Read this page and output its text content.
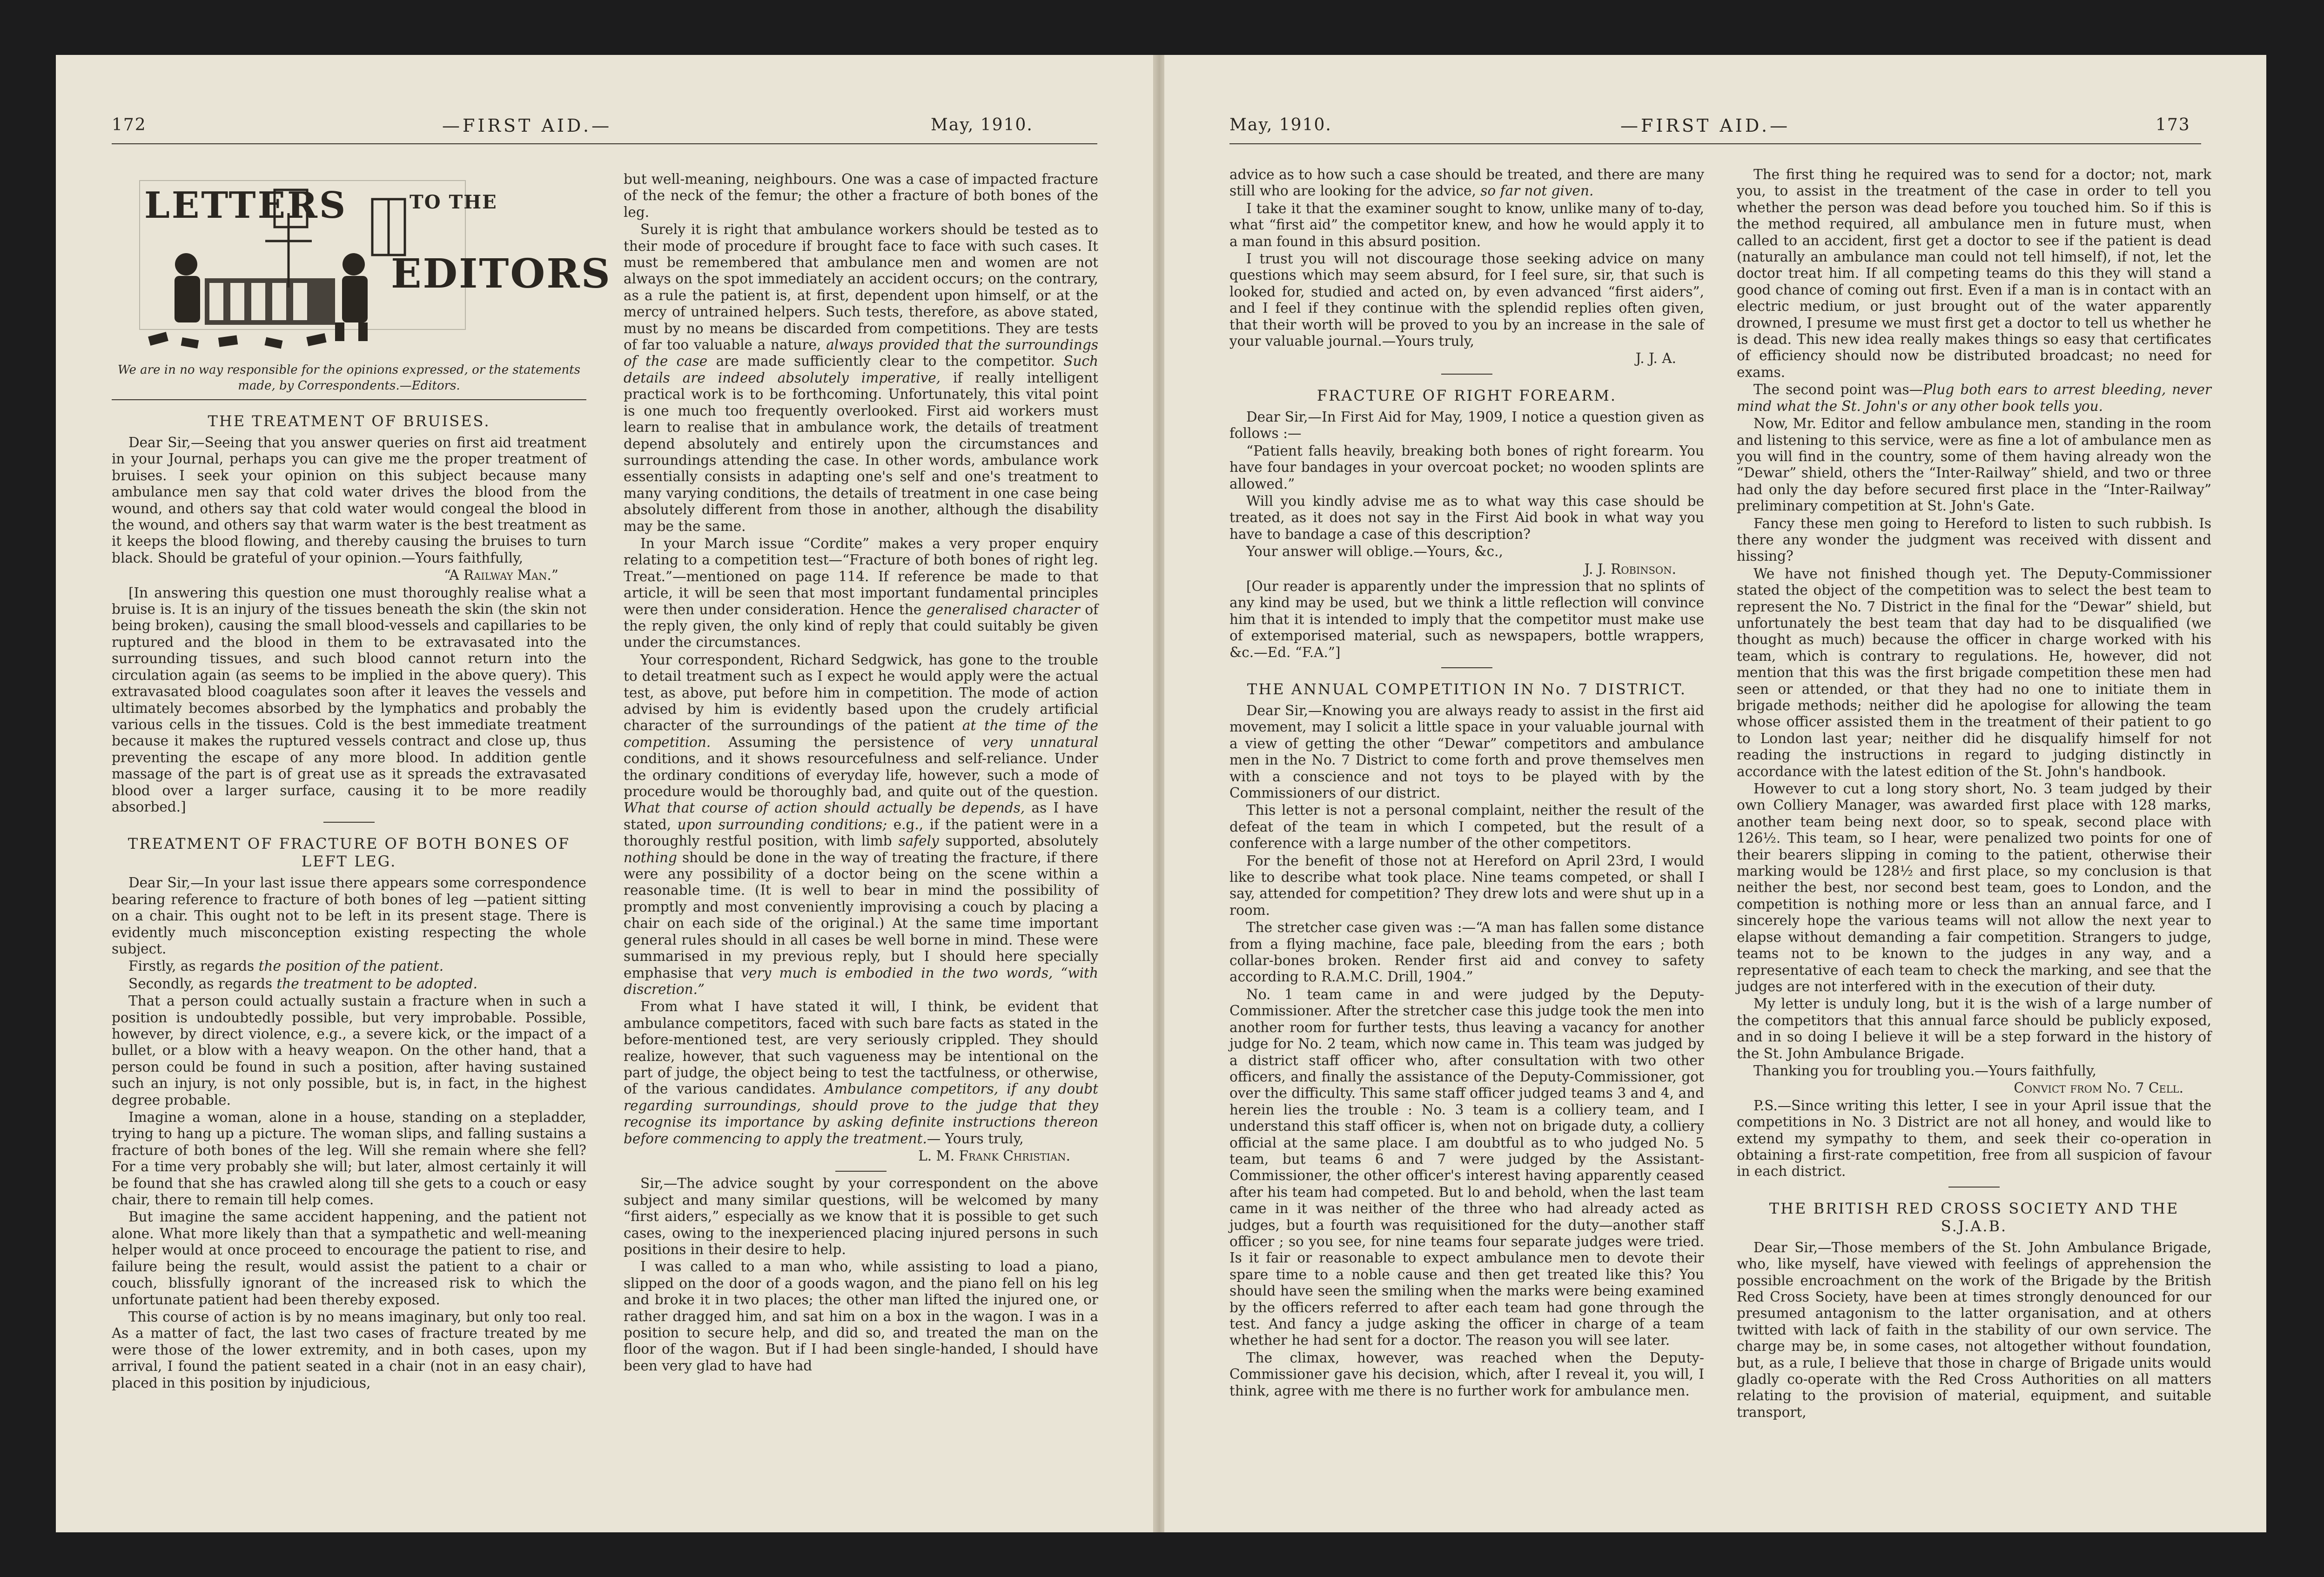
172	—FIRST AID.—	May, 1910.
LETTERS	TO THE
EDITORS

We are in no way responsible for the opinions expressed, or the statements made, by Correspondents.—Editors.

THE TREATMENT OF BRUISES.

Dear Sir,—Seeing that you answer queries on first aid treatment in your Journal, perhaps you can give me the proper treatment of bruises. I seek your opinion on this subject because many ambulance men say that cold water drives the blood from the wound, and others say that cold water would congeal the blood in the wound, and others say that warm water is the best treatment as it keeps the blood flowing, and thereby causing the bruises to turn black. Should be grateful of your opinion.—Yours faithfully,

“A Railway Man.”

[In answering this question one must thoroughly realise what a bruise is. It is an injury of the tissues beneath the skin (the skin not being broken), causing the small blood-vessels and capillaries to be ruptured and the blood in them to be extravasated into the surrounding tissues, and such blood cannot return into the circulation again (as seems to be implied in the above query). This extravasated blood coagulates soon after it leaves the vessels and ultimately becomes absorbed by the lymphatics and probably the various cells in the tissues. Cold is the best immediate treatment because it makes the ruptured vessels contract and close up, thus preventing the escape of any more blood. In addition gentle massage of the part is of great use as it spreads the extravasated blood over a larger surface, causing it to be more readily absorbed.]

TREATMENT OF FRACTURE OF BOTH BONES OF LEFT LEG.

Dear Sir,—In your last issue there appears some correspondence bearing reference to fracture of both bones of leg —patient sitting on a chair. This ought not to be left in its present stage. There is evidently much misconception existing respecting the whole subject.

Firstly, as regards the position of the patient.

Secondly, as regards the treatment to be adopted.

That a person could actually sustain a fracture when in such a position is undoubtedly possible, but very improbable. Possible, however, by direct violence, e.g., a severe kick, or the impact of a bullet, or a blow with a heavy weapon. On the other hand, that a person could be found in such a position, after having sustained such an injury, is not only possible, but is, in fact, in the highest degree probable.

Imagine a woman, alone in a house, standing on a stepladder, trying to hang up a picture. The woman slips, and falling sustains a fracture of both bones of the leg. Will she remain where she fell? For a time very probably she will; but later, almost certainly it will be found that she has crawled along till she gets to a couch or easy chair, there to remain till help comes.

But imagine the same accident happening, and the patient not alone. What more likely than that a sympathetic and well-meaning helper would at once proceed to encourage the patient to rise, and failure being the result, would assist the patient to a chair or couch, blissfully ignorant of the increased risk to which the unfortunate patient had been thereby exposed.

This course of action is by no means imaginary, but only too real. As a matter of fact, the last two cases of fracture treated by me were those of the lower extremity, and in both cases, upon my arrival, I found the patient seated in a chair (not in an easy chair), placed in this position by injudicious,

but well-meaning, neighbours. One was a case of impacted fracture of the neck of the femur; the other a fracture of both bones of the leg.

Surely it is right that ambulance workers should be tested as to their mode of procedure if brought face to face with such cases. It must be remembered that ambulance men and women are not always on the spot immediately an accident occurs; on the contrary, as a rule the patient is, at first, dependent upon himself, or at the mercy of untrained helpers. Such tests, therefore, as above stated, must by no means be discarded from competitions. They are tests of far too valuable a nature, always provided that the surroundings of the case are made sufficiently clear to the competitor. Such details are indeed absolutely imperative, if really intelligent practical work is to be forthcoming. Unfortunately, this vital point is one much too frequently overlooked. First aid workers must learn to realise that in ambulance work, the details of treatment depend absolutely and entirely upon the circumstances and surroundings attending the case. In other words, ambulance work essentially consists in adapting one's self and one's treatment to many varying conditions, the details of treatment in one case being absolutely different from those in another, although the disability may be the same.

In your March issue “Cordite” makes a very proper enquiry relating to a competition test—“Fracture of both bones of right leg. Treat.”—mentioned on page 114. If reference be made to that article, it will be seen that most important fundamental principles were then under consideration. Hence the generalised character of the reply given, the only kind of reply that could suitably be given under the circumstances.

Your correspondent, Richard Sedgwick, has gone to the trouble to detail treatment such as I expect he would apply were the actual test, as above, put before him in competition. The mode of action advised by him is evidently based upon the crudely artificial character of the surroundings of the patient at the time of the competition. Assuming the persistence of very unnatural conditions, and it shows resourcefulness and self-reliance. Under the ordinary conditions of everyday life, however, such a mode of procedure would be thoroughly bad, and quite out of the question. What that course of action should actually be depends, as I have stated, upon surrounding conditions; e.g., if the patient were in a thoroughly restful position, with limb safely supported, absolutely nothing should be done in the way of treating the fracture, if there were any possibility of a doctor being on the scene within a reasonable time. (It is well to bear in mind the possibility of promptly and most conveniently improvising a couch by placing a chair on each side of the original.) At the same time important general rules should in all cases be well borne in mind. These were summarised in my previous reply, but I should here specially emphasise that very much is embodied in the two words, “with discretion.”

From what I have stated it will, I think, be evident that ambulance competitors, faced with such bare facts as stated in the before-mentioned test, are very seriously crippled. They should realize, however, that such vagueness may be intentional on the part of judge, the object being to test the tactfulness, or otherwise, of the various candidates. Ambulance competitors, if any doubt regarding surroundings, should prove to the judge that they recognise its importance by asking definite instructions thereon before commencing to apply the treatment.— Yours truly,

L. M. Frank Christian.

Sir,—The advice sought by your correspondent on the above subject and many similar questions, will be welcomed by many “first aiders,” especially as we know that it is possible to get such cases, owing to the inexperienced placing injured persons in such positions in their desire to help.

I was called to a man who, while assisting to load a piano, slipped on the door of a goods wagon, and the piano fell on his leg and broke it in two places; the other man lifted the injured one, or rather dragged him, and sat him on a box in the wagon. I was in a position to secure help, and did so, and treated the man on the floor of the wagon. But if I had been single-handed, I should have been very glad to have had

May, 1910.	—FIRST AID.—	173

advice as to how such a case should be treated, and there are many still who are looking for the advice, so far not given.

I take it that the examiner sought to know, unlike many of to-day, what “first aid” the competitor knew, and how he would apply it to a man found in this absurd position.

I trust you will not discourage those seeking advice on many questions which may seem absurd, for I feel sure, sir, that such is looked for, studied and acted on, by even advanced “first aiders”, and I feel if they continue with the splendid replies often given, that their worth will be proved to you by an increase in the sale of your valuable journal.—Yours truly,

J. J. A.

FRACTURE OF RIGHT FOREARM.

Dear Sir,—In First Aid for May, 1909, I notice a question given as follows :—

“Patient falls heavily, breaking both bones of right forearm. You have four bandages in your overcoat pocket; no wooden splints are allowed.”

Will you kindly advise me as to what way this case should be treated, as it does not say in the First Aid book in what way you have to bandage a case of this description?

Your answer will oblige.—Yours, &c.,

J. J. Robinson.

[Our reader is apparently under the impression that no splints of any kind may be used, but we think a little reflection will convince him that it is intended to imply that the competitor must make use of extemporised material, such as newspapers, bottle wrappers, &c.—Ed. “F.A.”]

THE ANNUAL COMPETITION IN No. 7 DISTRICT.

Dear Sir,—Knowing you are always ready to assist in the first aid movement, may I solicit a little space in your valuable journal with a view of getting the other “Dewar” competitors and ambulance men in the No. 7 District to come forth and prove themselves men with a conscience and not toys to be played with by the Commissioners of our district.

This letter is not a personal complaint, neither the result of the defeat of the team in which I competed, but the result of a conference with a large number of the other competitors.

For the benefit of those not at Hereford on April 23rd, I would like to describe what took place. Nine teams competed, or shall I say, attended for competition? They drew lots and were shut up in a room.

The stretcher case given was :—“A man has fallen some distance from a flying machine, face pale, bleeding from the ears ; both collar-bones broken. Render first aid and convey to safety according to R.A.M.C. Drill, 1904.”

No. 1 team came in and were judged by the Deputy-Commissioner. After the stretcher case this judge took the men into another room for further tests, thus leaving a vacancy for another judge for No. 2 team, which now came in. This team was judged by a district staff officer who, after consultation with two other officers, and finally the assistance of the Deputy-Commissioner, got over the difficulty. This same staff officer judged teams 3 and 4, and herein lies the trouble : No. 3 team is a colliery team, and I understand this staff officer is, when not on brigade duty, a colliery official at the same place. I am doubtful as to who judged No. 5 team, but teams 6 and 7 were judged by the Assistant-Commissioner, the other officer's interest having apparently ceased after his team had competed. But lo and behold, when the last team came in it was neither of the three who had already acted as judges, but a fourth was requisitioned for the duty—another staff officer ; so you see, for nine teams four separate judges were tried. Is it fair or reasonable to expect ambulance men to devote their spare time to a noble cause and then get treated like this? You should have seen the smiling when the marks were being examined by the officers referred to after each team had gone through the test. And fancy a judge asking the officer in charge of a team whether he had sent for a doctor. The reason you will see later.

The climax, however, was reached when the Deputy-Commissioner gave his decision, which, after I reveal it, you will, I think, agree with me there is no further work for ambulance men.

The first thing he required was to send for a doctor; not, mark you, to assist in the treatment of the case in order to tell you whether the person was dead before you touched him. So if this is the method required, all ambulance men in future must, when called to an accident, first get a doctor to see if the patient is dead (naturally an ambulance man could not tell himself), if not, let the doctor treat him. If all competing teams do this they will stand a good chance of coming out first. Even if a man is in contact with an electric medium, or just brought out of the water apparently drowned, I presume we must first get a doctor to tell us whether he is dead. This new idea really makes things so easy that certificates of efficiency should now be distributed broadcast; no need for exams.

The second point was—Plug both ears to arrest bleeding, never mind what the St. John's or any other book tells you.

Now, Mr. Editor and fellow ambulance men, standing in the room and listening to this service, were as fine a lot of ambulance men as you will find in the country, some of them having already won the “Dewar” shield, others the “Inter-Railway” shield, and two or three had only the day before secured first place in the “Inter-Railway” preliminary competition at St. John's Gate.

Fancy these men going to Hereford to listen to such rubbish. Is there any wonder the judgment was received with dissent and hissing?

We have not finished though yet. The Deputy-Commissioner stated the object of the competition was to select the best team to represent the No. 7 District in the final for the “Dewar” shield, but unfortunately the best team that day had to be disqualified (we thought as much) because the officer in charge worked with his team, which is contrary to regulations. He, however, did not mention that this was the first brigade competition these men had seen or attended, or that they had no one to initiate them in brigade methods; neither did he apologise for allowing the team whose officer assisted them in the treatment of their patient to go to London last year; neither did he disqualify himself for not reading the instructions in regard to judging distinctly in accordance with the latest edition of the St. John's handbook.

However to cut a long story short, No. 3 team judged by their own Colliery Manager, was awarded first place with 128 marks, another team being next door, so to speak, second place with 126½. This team, so I hear, were penalized two points for one of their bearers slipping in coming to the patient, otherwise their marking would be 128½ and first place, so my conclusion is that neither the best, nor second best team, goes to London, and the competition is nothing more or less than an annual farce, and I sincerely hope the various teams will not allow the next year to elapse without demanding a fair competition. Strangers to judge, teams not to be known to the judges in any way, and a representative of each team to check the marking, and see that the judges are not interfered with in the execution of their duty.

My letter is unduly long, but it is the wish of a large number of the competitors that this annual farce should be publicly exposed, and in so doing I believe it will be a step forward in the history of the St. John Ambulance Brigade.

Thanking you for troubling you.—Yours faithfully,

Convict from No. 7 Cell.

P.S.—Since writing this letter, I see in your April issue that the competitions in No. 3 District are not all honey, and would like to extend my sympathy to them, and seek their co-operation in obtaining a first-rate competition, free from all suspicion of favour in each district.

THE BRITISH RED CROSS SOCIETY AND THE S.J.A.B.

Dear Sir,—Those members of the St. John Ambulance Brigade, who, like myself, have viewed with feelings of apprehension the possible encroachment on the work of the Brigade by the British Red Cross Society, have been at times strongly denounced for our presumed antagonism to the latter organisation, and at others twitted with lack of faith in the stability of our own service. The charge may be, in some cases, not altogether without foundation, but, as a rule, I believe that those in charge of Brigade units would gladly co-operate with the Red Cross Authorities on all matters relating to the provision of material, equipment, and suitable transport,
